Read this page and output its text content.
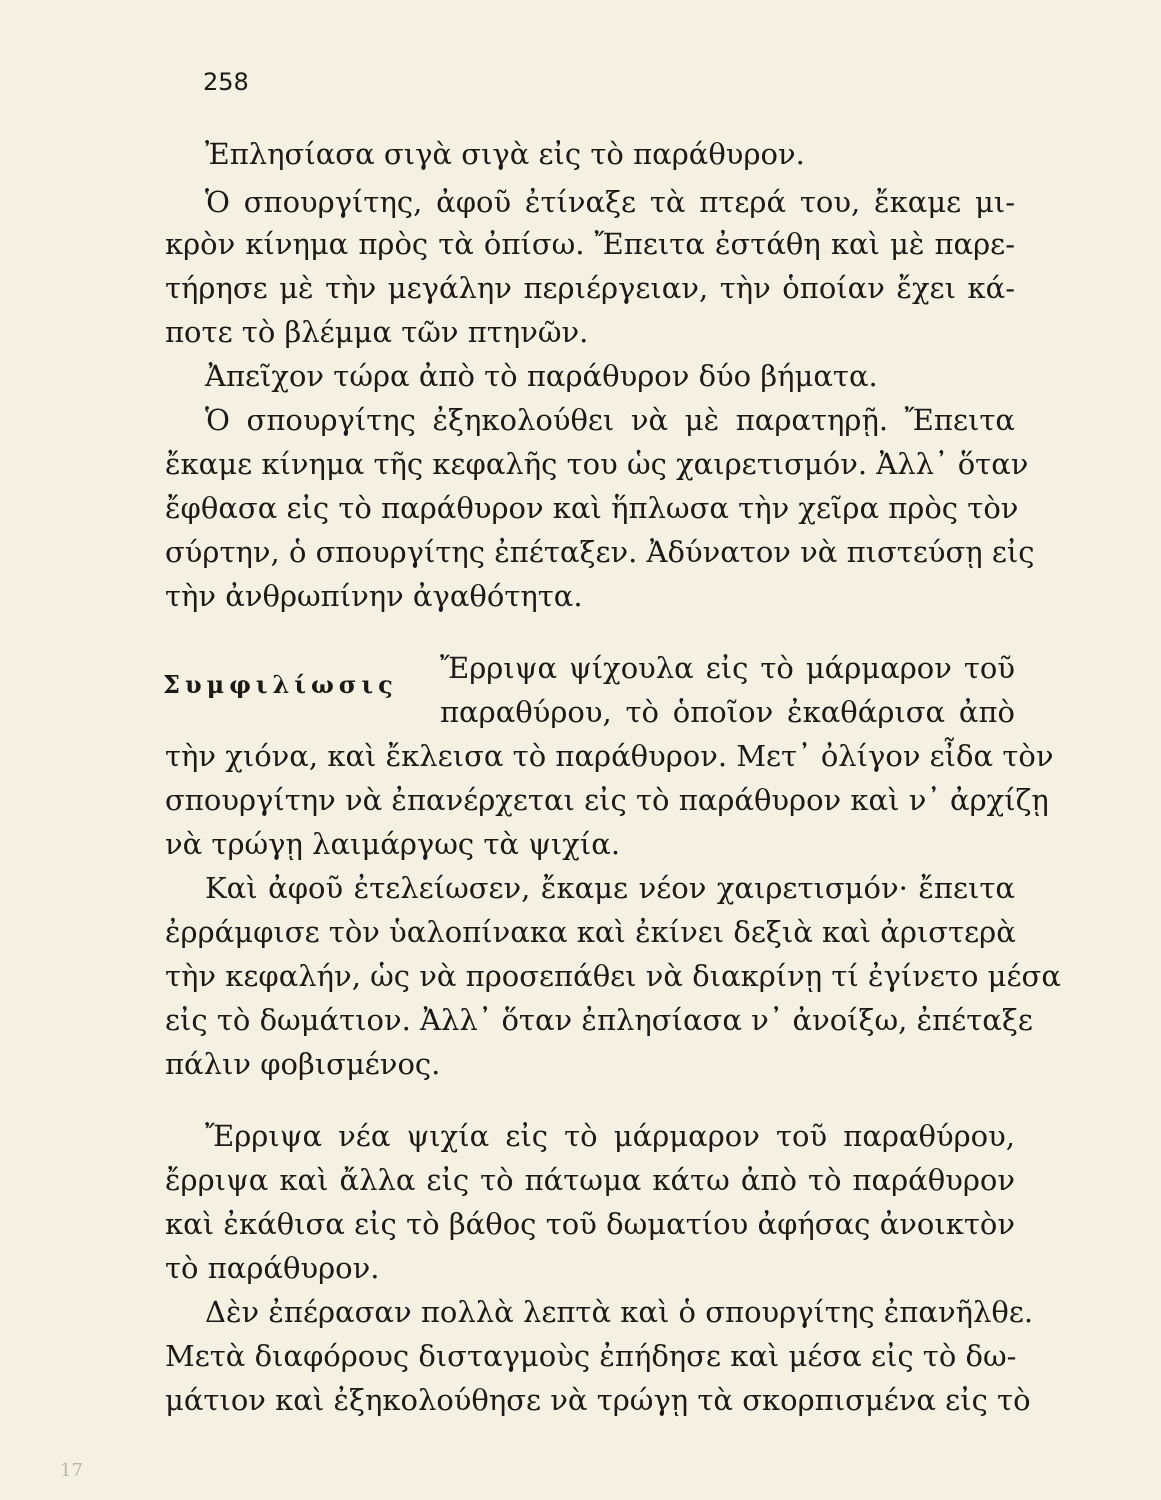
258
Ἐπλησίασα σιγὰ σιγὰ εἰς τὸ παράθυρον.
Ὁ σπουργίτης, ἀφοῦ ἐτίναξε τὰ πτερά του, ἔκαμε μι-
κρὸν κίνημα πρὸς τὰ ὀπίσω. Ἔπειτα ἐστάθη καὶ μὲ παρε-
τήρησε μὲ τὴν μεγάλην περιέργειαν, τὴν ὁποίαν ἔχει κά-
ποτε τὸ βλέμμα τῶν πτηνῶν.
Ἀπεῖχον τώρα ἀπὸ τὸ παράθυρον δύο βήματα.
Ὁ σπουργίτης ἐξηκολούθει νὰ μὲ παρατηρῇ. Ἔπειτα
ἔκαμε κίνημα τῆς κεφαλῆς του ὡς χαιρετισμόν. Ἀλλ᾽ ὅταν
ἔφθασα εἰς τὸ παράθυρον καὶ ἥπλωσα τὴν χεῖρα πρὸς τὸν
σύρτην, ὁ σπουργίτης ἐπέταξεν. Ἀδύνατον νὰ πιστεύσῃ εἰς
τὴν ἀνθρωπίνην ἀγαθότητα.
Συμφιλίωσις Ἔρριψα ψίχουλα εἰς τὸ μάρμαρον τοῦ
παραθύρου, τὸ ὁποῖον ἐκαθάρισα ἀπὸ
τὴν χιόνα, καὶ ἔκλεισα τὸ παράθυρον. Μετ᾽ ὀλίγον εἶδα τὸν
σπουργίτην νὰ ἐπανέρχεται εἰς τὸ παράθυρον καὶ ν᾽ ἀρχίζῃ
νὰ τρώγῃ λαιμάργως τὰ ψιχία.
Καὶ ἀφοῦ ἐτελείωσεν, ἔκαμε νέον χαιρετισμόν· ἔπειτα
ἐρράμφισε τὸν ὑαλοπίνακα καὶ ἐκίνει δεξιὰ καὶ ἀριστερὰ
τὴν κεφαλήν, ὡς νὰ προσεπάθει νὰ διακρίνῃ τί ἐγίνετο μέσα
εἰς τὸ δωμάτιον. Ἀλλ᾽ ὅταν ἐπλησίασα ν᾽ ἀνοίξω, ἐπέταξε
πάλιν φοβισμένος.
Ἔρριψα νέα ψιχία εἰς τὸ μάρμαρον τοῦ παραθύρου,
ἔρριψα καὶ ἄλλα εἰς τὸ πάτωμα κάτω ἀπὸ τὸ παράθυρον
καὶ ἐκάθισα εἰς τὸ βάθος τοῦ δωματίου ἀφήσας ἀνοικτὸν
τὸ παράθυρον.
Δὲν ἐπέρασαν πολλὰ λεπτὰ καὶ ὁ σπουργίτης ἐπανῆλθε.
Μετὰ διαφόρους δισταγμοὺς ἐπήδησε καὶ μέσα εἰς τὸ δω-
μάτιον καὶ ἐξηκολούθησε νὰ τρώγῃ τὰ σκορπισμένα εἰς τὸ
17
